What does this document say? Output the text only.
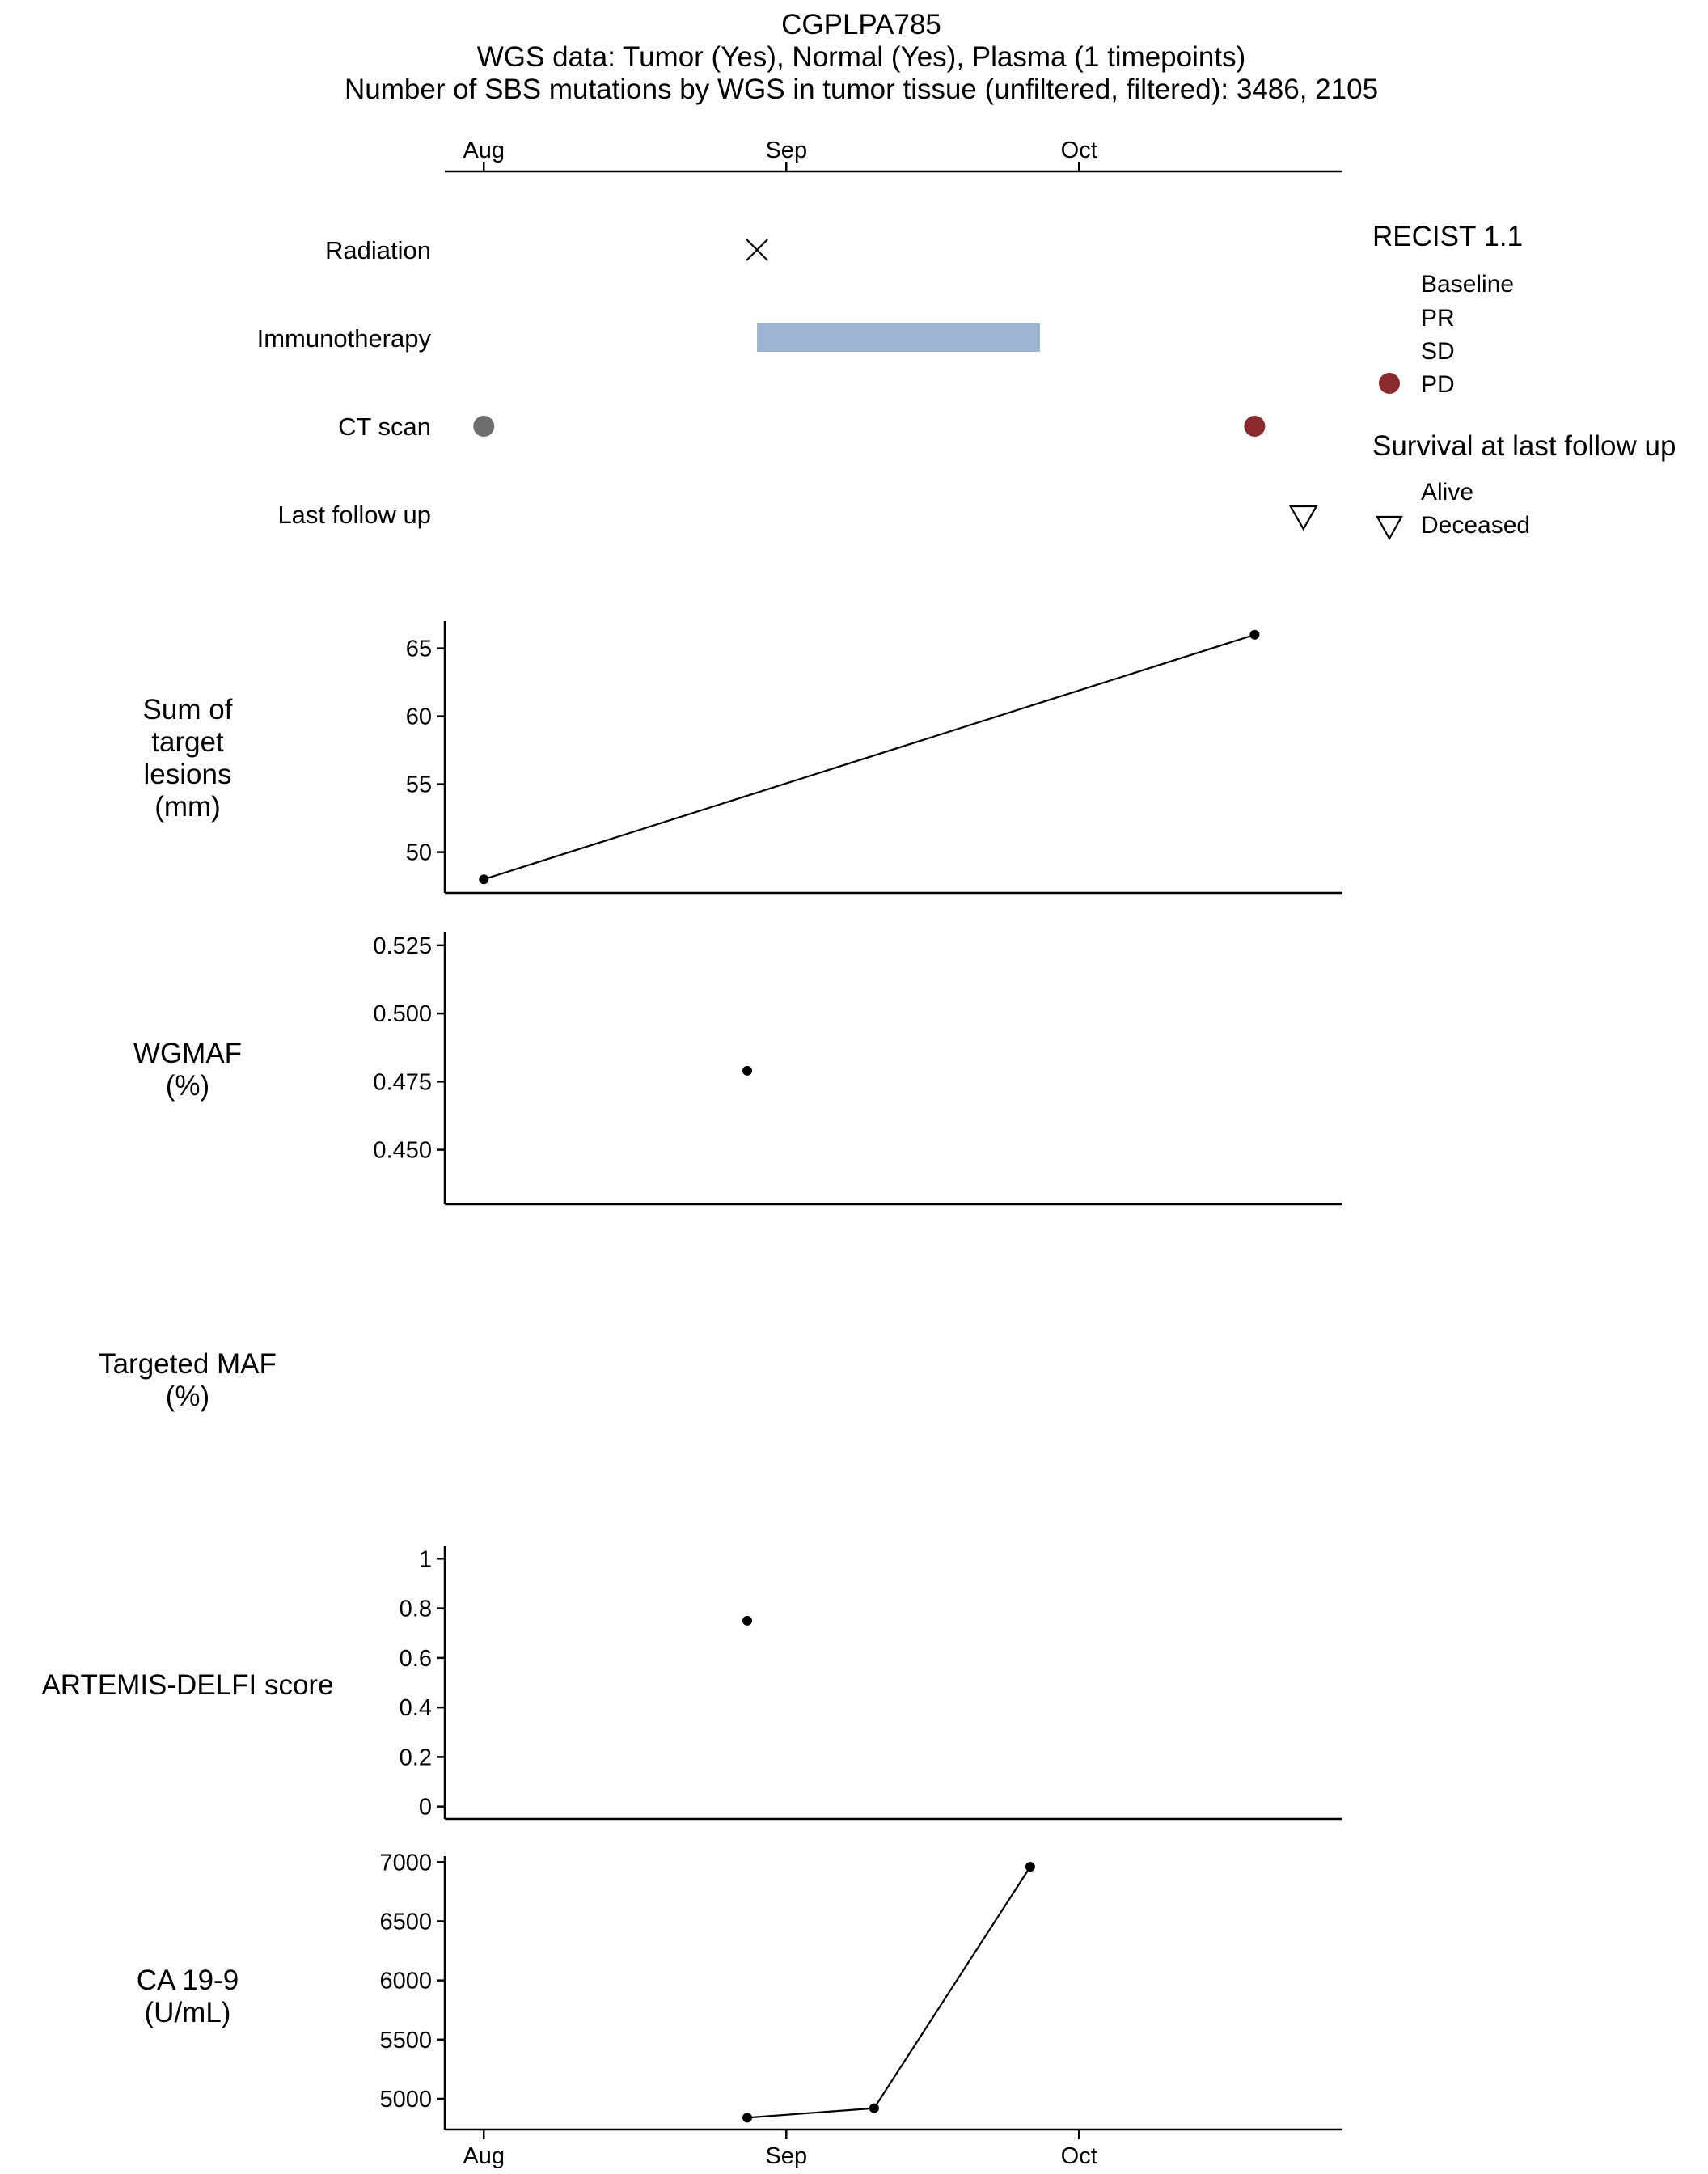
CGPLPA785
WGS data: Tumor (Yes), Normal (Yes), Plasma (1 timepoints)
Number of SBS mutations by WGS in tumor tissue (unfiltered, filtered): 3486, 2105
Aug	Sep	Oct
Radiation
Immunotherapy
CT scan
Last follow up
RECIST 1.1
Baseline
PR
SD
PD
Survival at last follow up
Alive
Deceased
Sum of
target
lesions
(mm)
WGMAF
(%)
Targeted MAF
(%)
ARTEMIS-DELFI score
CA 19-9
(U/mL)
50
55
60
65
0.450
0.475
0.500
0.525
0
0.2
0.4
0.6
0.8
1
5000
5500
6000
6500
7000
Aug	Sep	Oct
